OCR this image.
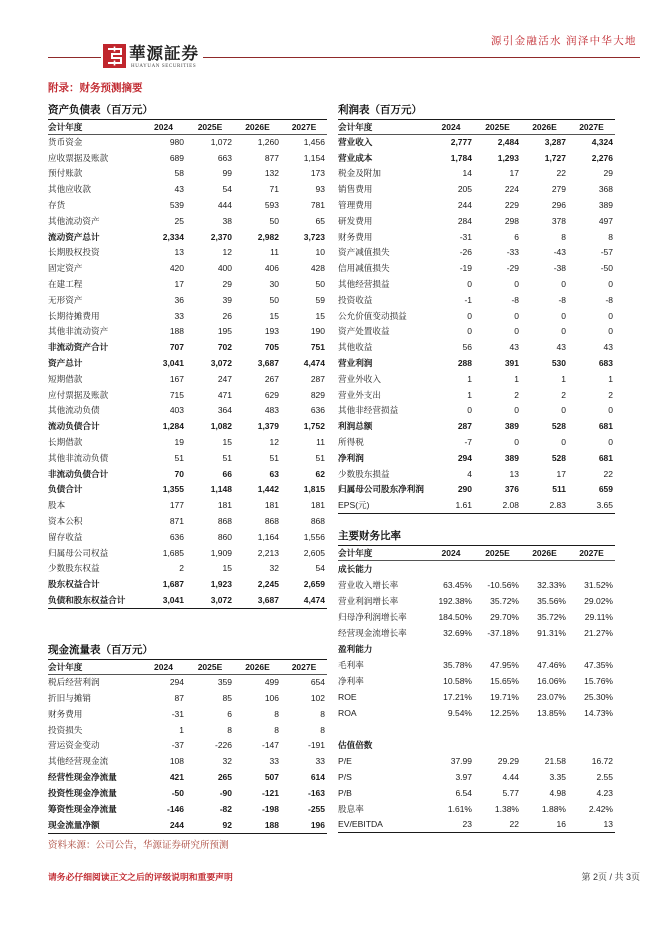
華源証券
HUAYUAN SECURITIES
源引金融活水 润泽中华大地
附录：财务预测摘要
资产负债表（百万元）	利润表（百万元）
主要财务比率
现金流量表（百万元）
会计年度	2024	2025E	2026E	2027E
货币资金	980	1,072	1,260	1,456
应收票据及账款	689	663	877	1,154
预付账款	58	99	132	173
其他应收款	43	54	71	93
存货	539	444	593	781
其他流动资产	25	38	50	65
流动资产总计	2,334	2,370	2,982	3,723
长期股权投资	13	12	11	10
固定资产	420	400	406	428
在建工程	17	29	30	50
无形资产	36	39	50	59
长期待摊费用	33	26	15	15
其他非流动资产	188	195	193	190
非流动资产合计	707	702	705	751
资产总计	3,041	3,072	3,687	4,474
短期借款	167	247	267	287
应付票据及账款	715	471	629	829
其他流动负债	403	364	483	636
流动负债合计	1,284	1,082	1,379	1,752
长期借款	19	15	12	11
其他非流动负债	51	51	51	51
非流动负债合计	70	66	63	62
负债合计	1,355	1,148	1,442	1,815
股本	177	181	181	181
资本公积	871	868	868	868
留存收益	636	860	1,164	1,556
归属母公司权益	1,685	1,909	2,213	2,605
少数股东权益	2	15	32	54
股东权益合计	1,687	1,923	2,245	2,659
负债和股东权益合计	3,041	3,072	3,687	4,474
会计年度	2024	2025E	2026E	2027E
营业收入	2,777	2,484	3,287	4,324
营业成本	1,784	1,293	1,727	2,276
税金及附加	14	17	22	29
销售费用	205	224	279	368
管理费用	244	229	296	389
研发费用	284	298	378	497
财务费用	-31	6	8	8
资产减值损失	-26	-33	-43	-57
信用减值损失	-19	-29	-38	-50
其他经营损益	0	0	0	0
投资收益	-1	-8	-8	-8
公允价值变动损益	0	0	0	0
资产处置收益	0	0	0	0
其他收益	56	43	43	43
营业利润	288	391	530	683
营业外收入	1	1	1	1
营业外支出	1	2	2	2
其他非经营损益	0	0	0	0
利润总额	287	389	528	681
所得税	-7	0	0	0
净利润	294	389	528	681
少数股东损益	4	13	17	22
归属母公司股东净利润	290	376	511	659
EPS(元)	1.61	2.08	2.83	3.65
会计年度	2024	2025E	2026E	2027E
成长能力
营业收入增长率	63.45%	-10.56%	32.33%	31.52%
营业利润增长率	192.38%	35.72%	35.56%	29.02%
归母净利润增长率	184.50%	29.70%	35.72%	29.11%
经营现金流增长率	32.69%	-37.18%	91.31%	21.27%
盈利能力
毛利率	35.78%	47.95%	47.46%	47.35%
净利率	10.58%	15.65%	16.06%	15.76%
ROE	17.21%	19.71%	23.07%	25.30%
ROA	9.54%	12.25%	13.85%	14.73%
估值倍数
P/E	37.99	29.29	21.58	16.72
P/S	3.97	4.44	3.35	2.55
P/B	6.54	5.77	4.98	4.23
股息率	1.61%	1.38%	1.88%	2.42%
EV/EBITDA	23	22	16	13
会计年度	2024	2025E	2026E	2027E
税后经营利润	294	359	499	654
折旧与摊销	87	85	106	102
财务费用	-31	6	8	8
投资损失	1	8	8	8
营运资金变动	-37	-226	-147	-191
其他经营现金流	108	32	33	33
经营性现金净流量	421	265	507	614
投资性现金净流量	-50	-90	-121	-163
筹资性现金净流量	-146	-82	-198	-255
现金流量净额	244	92	188	196
资料来源：公司公告，华源证券研究所预测
请务必仔细阅读正文之后的评级说明和重要声明	第 2页 / 共 3页
